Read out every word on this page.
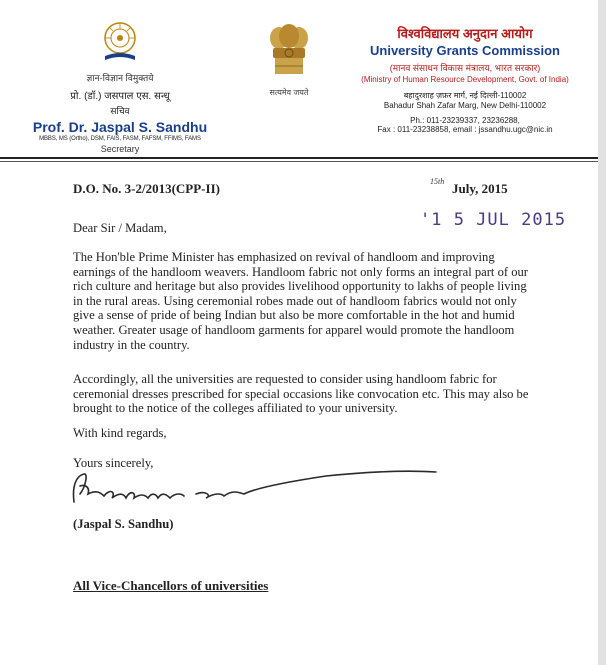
ज्ञान-विज्ञान विमुक्तये
प्रो. (डॉ.) जसपाल एस. सन्धू
सचिव
Prof. Dr. Jaspal S. Sandhu
MBBS, MS (Ortho), DSM, FAIS, FASM, FAFSM, FFIMS, FAMS
Secretary
सत्यमेव जयते
विश्वविद्यालय अनुदान आयोग
University Grants Commission
(मानव संसाधन विकास मंत्रालय, भारत सरकार)
(Ministry of Human Resource Development, Govt. of India)
बहादुरशाह ज़फ़र मार्ग, नई दिल्ली-110002
Bahadur Shah Zafar Marg, New Delhi-110002
Ph.: 011-23239337, 23236288,
Fax : 011-23238858, email : jssandhu.ugc@nic.in
D.O. No. 3-2/2013(CPP-II)	15th July, 2015
'1 5 JUL 2015
Dear Sir / Madam,
The Hon'ble Prime Minister has emphasized on revival of handloom and improving earnings of the handloom weavers. Handloom fabric not only forms an integral part of our rich culture and heritage but also provides livelihood opportunity to lakhs of people living in the rural areas. Using ceremonial robes made out of handloom fabrics would not only give a sense of pride of being Indian but also be more comfortable in the hot and humid weather. Greater usage of handloom garments for apparel would promote the handloom industry in the country.
Accordingly, all the universities are requested to consider using handloom fabric for ceremonial dresses prescribed for special occasions like convocation etc. This may also be brought to the notice of the colleges affiliated to your university.
With kind regards,
Yours sincerely,
(Jaspal S. Sandhu)
All Vice-Chancellors of universities
